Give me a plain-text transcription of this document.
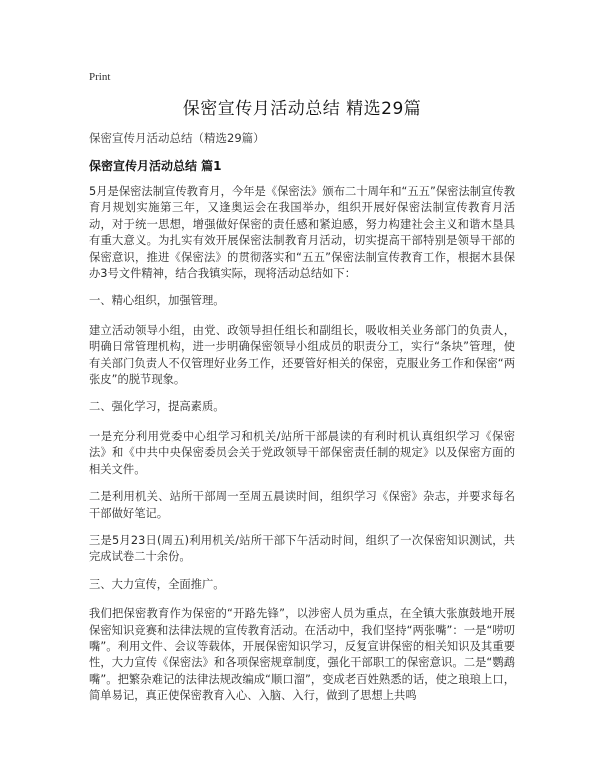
Print
保密宣传月活动总结 精选29篇

保密宣传月活动总结（精选29篇）

保密宣传月活动总结 篇1

5月是保密法制宣传教育月，今年是《保密法》颁布二十周年和“五五”保密法制宣传教育月规划实施第三年，又逢奥运会在我国举办，组织开展好保密法制宣传教育月活动，对于统一思想，增强做好保密的责任感和紧迫感，努力构建社会主义和谐木垦具有重大意义。为扎实有效开展保密法制教育月活动，切实提高干部特别是领导干部的保密意识，推进《保密法》的贯彻落实和“五五”保密法制宣传教育工作，根据木县保办3号文件精神，结合我镇实际，现将活动总结如下：

一、精心组织，加强管理。

建立活动领导小组，由党、政领导担任组长和副组长，吸收相关业务部门的负责人，明确日常管理机构，进一步明确保密领导小组成员的职责分工，实行“条块”管理，使有关部门负责人不仅管理好业务工作，还要管好相关的保密，克服业务工作和保密“两张皮”的脱节现象。

二、强化学习，提高素质。

一是充分利用党委中心组学习和机关/站所干部晨读的有利时机认真组织学习《保密法》和《中共中央保密委员会关于党政领导干部保密责任制的规定》以及保密方面的相关文件。

二是利用机关、站所干部周一至周五晨读时间，组织学习《保密》杂志，并要求每名干部做好笔记。

三是5月23日(周五)利用机关/站所干部下午活动时间，组织了一次保密知识测试，共完成试卷二十余份。

三、大力宣传，全面推广。

我们把保密教育作为保密的“开路先锋”，以涉密人员为重点，在全镇大张旗鼓地开展保密知识竞赛和法律法规的宣传教育活动。在活动中，我们坚持“两张嘴”：一是“唠叨嘴”。利用文件、会议等载体，开展保密知识学习，反复宣讲保密的相关知识及其重要性，大力宣传《保密法》和各项保密规章制度，强化干部职工的保密意识。二是“鹦鹉嘴”。把繁杂难记的法律法规改编成“顺口溜”，变成老百姓熟悉的话，使之琅琅上口，简单易记，真正使保密教育入心、入脑、入行，做到了思想上共鸣
